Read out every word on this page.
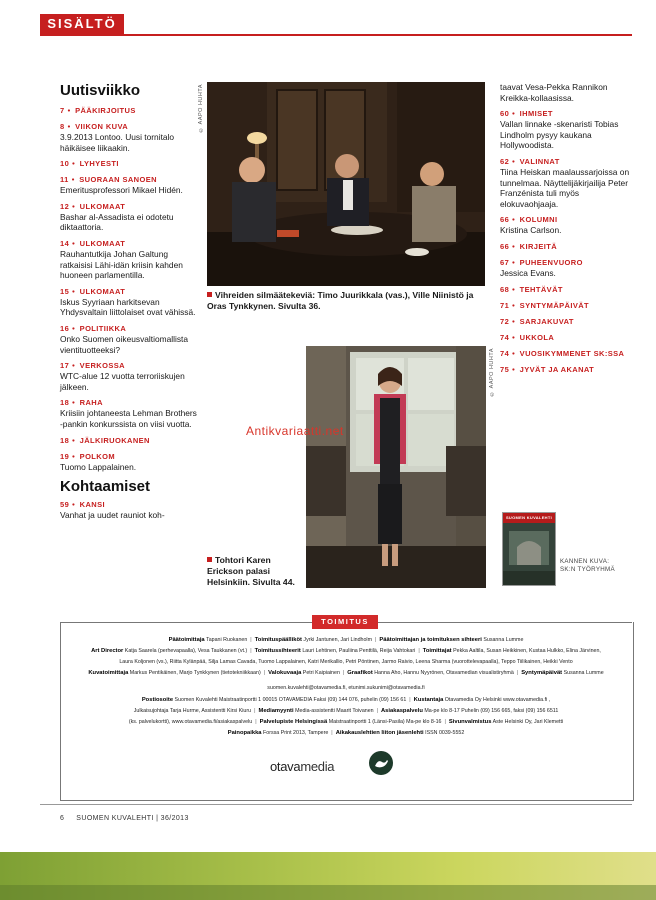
SISÄLTÖ
Uutisviikko
7 • PÄÄKIRJOITUS
8 • VIIKON KUVA
3.9.2013 Lontoo. Uusi tornitalo häikäisee liikaakin.
10 • LYHYESTI
11 • SUORAAN SANOEN
Emeritusprofessori Mikael Hidén.
12 • ULKOMAAT
Bashar al-Assadista ei odotetu diktaattoria.
14 • ULKOMAAT
Rauhantutkija Johan Galtung ratkaisisi Lähi-idän kriisin kahden huoneen parlamentilla.
15 • ULKOMAAT
Iskus Syyriaan harkitsevan Yhdysvaltain liittolaiset ovat vähissä.
16 • POLITIIKKA
Onko Suomen oikeusvaltiomallista vientituotteeksi?
17 • VERKOSSA
WTC-alue 12 vuotta terroriiskujen jälkeen.
18 • RAHA
Kriisiin johtaneesta Lehman Brothers -pankin konkurssista on viisi vuotta.
18 • JÄLKIRUOKANEN
19 • POLKOM
Tuomo Lappalainen.
Kohtaamiset
59 • KANSI
Vanhat ja uudet rauniot koh-
© AAPO HUHTA
Vihreiden silmäätekeviä: Timo Juurikkala (vas.), Ville Niinistö ja Oras Tynkkynen. Sivulta 36.
© AAPO HUHTA
Tohtori Karen Erickson palasi Helsinkiin. Sivulta 44.
Antikvariaatti.net
taavat Vesa-Pekka Rannikon Kreikka-kollaasissa.
60 • IHMISET
Vallan linnake -skenaristi Tobias Lindholm pysyy kaukana Hollywoodista.
62 • VALINNAT
Tiina Heiskan maalaussarjoissa on tunnelmaa. Näyttelijäkirjailija Peter Franzénista tuli myös elokuvaohjaaja.
66 • KOLUMNI
Kristina Carlson.
66 • KIRJEITÄ
67 • PUHEENVUORO
Jessica Evans.
68 • TEHTÄVÄT
71 • SYNTYMÄPÄIVÄT
72 • SARJAKUVAT
74 • UKKOLA
74 • VUOSIKYMMENET SK:SSA
75 • JYVÄT JA AKANAT
SUOMEN KUVALEHTI
KANNEN KUVA: SK:N TYÖRYHMÄ
TOIMITUS
Päätoimittaja Tapani Ruokanen | Toimituspäälliköt Jyrki Jantunen, Jari Lindholm | Päätoimittajan ja toimituksen sihteeri Susanna Lumme
Art Director Katja Saarela (perhevapaalla), Vesa Taukkanen (vt.) | Toimitussihteerit Lauri Lehtinen, Pauliina Penttilä, Reija Vahtokari | Toimittajat Pekka Aaltila, Susan Heikkinen, Kustaa Hulkko, Elina Järvinen,
Laura Koljonen (vs.), Riitta Kylänpää, Silja Lamas Cavada, Tuomo Lappalainen, Katri Merikallio, Petri Pöntinen, Jarmo Raivio, Leena Sharma (vuorottelevapaalla), Teppo Tiilikainen, Heikki Vento
Kuvatoimittaja Markus Pentikäinen, Marjo Tynkkynen (tietotekniikkaan) | Valokuvaaja Petri Kaipiainen | Graafikot Hanna Aho, Hannu Nyyrönen, Otavamedian visualistiryhmä | Syntymäpäivät Susanna Lumme
suomen.kuvalehti@otavamedia.fi, etunimi.sukunimi@otavamedia.fi
Postiosoite Suomen Kuvalehti Maistraatinportti 1 00015 OTAVAMEDIA Faksi (09) 144 076, puhelin (09) 156 61 | Kustantaja Otavamedia Oy Helsinki www.otavamedia.fi ,
Julkaisujohtaja Tarja Hurme, Assistentti Kirsi Kiuru | Mediamyynti Media-assistentti Maarit Toivanen | Asiakaspalvelu Ma-pe klo 8-17 Puhelin (09) 156 665, faksi (09) 156 6511
(ks. palvelukortti), www.otavamedia.fi/asiakaspalvelu | Palvelupiste Helsingissä Maistraatinportti 1 (Länsi-Pasila) Ma-pe klo 8-16 | Sivunvalmistus Aste Helsinki Oy, Jari Klemetti
Painopaikka Forssa Print 2013, Tampere | Aikakauslehtien liiton jäsenlehti ISSN 0039-5552
otavamedia
6 SUOMEN KUVALEHTI | 36/2013
